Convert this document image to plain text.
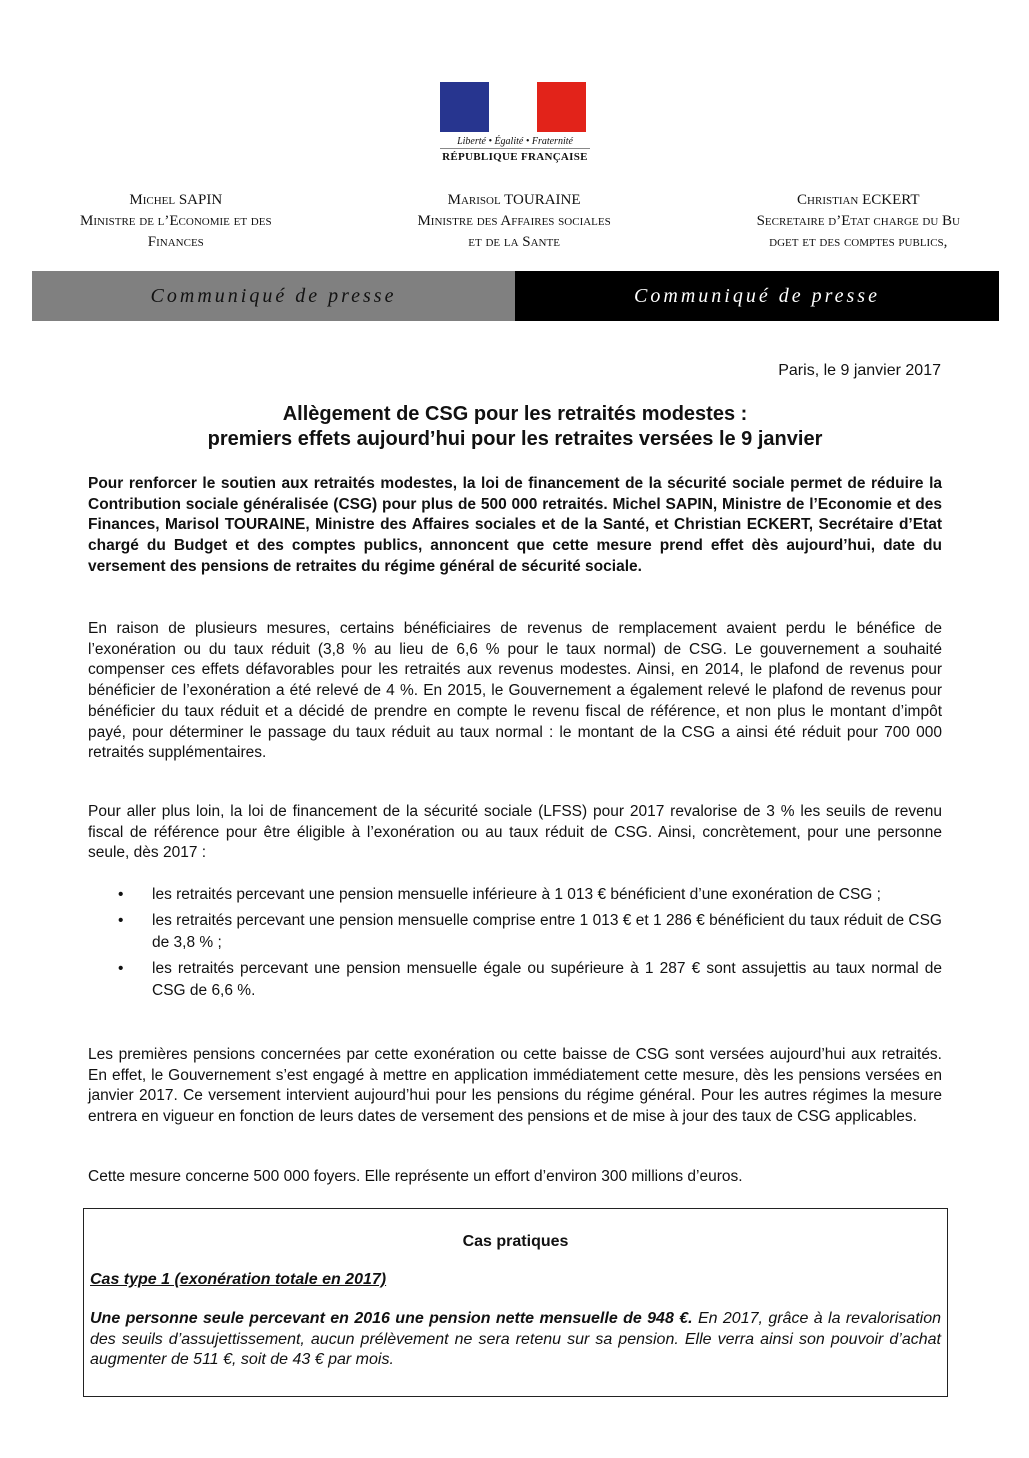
Liberté • Égalité • Fraternité
RÉPUBLIQUE FRANÇAISE
Michel SAPIN
Ministre de l’Economie et des
Finances
Marisol TOURAINE
Ministre des Affaires sociales
et de la Sante
Christian ECKERT
Secretaire d’Etat charge du Bu
dget et des comptes publics,
Communiqué de presse	Communiqué de presse
Paris, le 9 janvier 2017
Allègement de CSG pour les retraités modestes :
premiers effets aujourd’hui pour les retraites versées le 9 janvier
Pour renforcer le soutien aux retraités modestes, la loi de financement de la sécurité sociale permet de réduire la Contribution sociale généralisée (CSG) pour plus de 500 000 retraités. Michel SAPIN, Ministre de l’Economie et des Finances, Marisol TOURAINE, Ministre des Affaires sociales et de la Santé, et Christian ECKERT, Secrétaire d’Etat chargé du Budget et des comptes publics, annoncent que cette mesure prend effet dès aujourd’hui, date du versement des pensions de retraites du régime général de sécurité sociale.
En raison de plusieurs mesures, certains bénéficiaires de revenus de remplacement avaient perdu le bénéfice de l’exonération ou du taux réduit (3,8 % au lieu de 6,6 % pour le taux normal) de CSG. Le gouvernement a souhaité compenser ces effets défavorables pour les retraités aux revenus modestes. Ainsi, en 2014, le plafond de revenus pour bénéficier de l’exonération a été relevé de 4 %. En 2015, le Gouvernement a également relevé le plafond de revenus pour bénéficier du taux réduit et a décidé de prendre en compte le revenu fiscal de référence, et non plus le montant d’impôt payé, pour déterminer le passage du taux réduit au taux normal : le montant de la CSG a ainsi été réduit pour 700 000 retraités supplémentaires.
Pour aller plus loin, la loi de financement de la sécurité sociale (LFSS) pour 2017 revalorise de 3 % les seuils de revenu fiscal de référence pour être éligible à l’exonération ou au taux réduit de CSG. Ainsi, concrètement, pour une personne seule, dès 2017 :
• les retraités percevant une pension mensuelle inférieure à 1 013 € bénéficient d’une exonération de CSG ;
• les retraités percevant une pension mensuelle comprise entre 1 013 € et 1 286 € bénéficient du taux réduit de CSG de 3,8 % ;
• les retraités percevant une pension mensuelle égale ou supérieure à 1 287 € sont assujettis au taux normal de CSG de 6,6 %.
Les premières pensions concernées par cette exonération ou cette baisse de CSG sont versées aujourd’hui aux retraités. En effet, le Gouvernement s’est engagé à mettre en application immédiatement cette mesure, dès les pensions versées en janvier 2017. Ce versement intervient aujourd’hui pour les pensions du régime général. Pour les autres régimes la mesure entrera en vigueur en fonction de leurs dates de versement des pensions et de mise à jour des taux de CSG applicables.
Cette mesure concerne 500 000 foyers. Elle représente un effort d’environ 300 millions d’euros.
Cas pratiques
Cas type 1 (exonération totale en 2017)
Une personne seule percevant en 2016 une pension nette mensuelle de 948 €. En 2017, grâce à la revalorisation des seuils d’assujettissement, aucun prélèvement ne sera retenu sur sa pension. Elle verra ainsi son pouvoir d’achat augmenter de 511 €, soit de 43 € par mois.
